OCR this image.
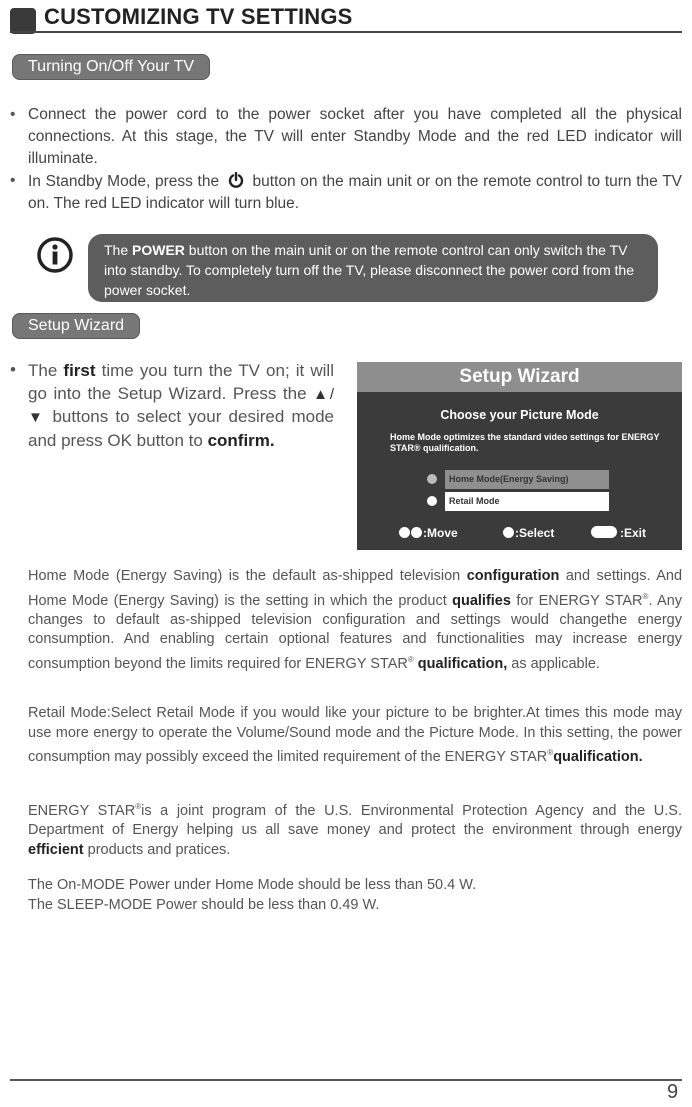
CUSTOMIZING TV SETTINGS
Turning On/Off Your TV
• Connect the power cord to the power socket after you have completed all the physical connections. At this stage, the TV will enter Standby Mode and the red LED indicator will illuminate.
• In Standby Mode, press the button on the main unit or on the remote control to turn the TV on. The red LED indicator will turn blue.
The POWER button on the main unit or on the remote control can only switch the TV into standby. To completely turn off the TV, please disconnect the power cord from the power socket.
Setup Wizard
• The first time you turn the TV on; it will go into the Setup Wizard. Press the ▲/▼ buttons to select your desired mode and press OK button to confirm.
Setup Wizard
Choose your Picture Mode
Home Mode optimizes the standard video settings for ENERGY STAR® qualification.
Home Mode(Energy Saving)
Retail Mode
:Move	:Select	:Exit
Home Mode (Energy Saving) is the default as-shipped television configuration and settings. And Home Mode (Energy Saving) is the setting in which the product qualifies for ENERGY STAR®. Any changes to default as-shipped television configuration and settings would changethe energy consumption. And enabling certain optional features and functionalities may increase energy consumption beyond the limits required for ENERGY STAR® qualification, as applicable.
Retail Mode:Select Retail Mode if you would like your picture to be brighter.At times this mode may use more energy to operate the Volume/Sound mode and the Picture Mode. In this setting, the power consumption may possibly exceed the limited requirement of the ENERGY STAR®qualification.
ENERGY STAR®is a joint program of the U.S. Environmental Protection Agency and the U.S. Department of Energy helping us all save money and protect the environment through energy efficient products and pratices.
The On-MODE Power under Home Mode should be less than 50.4 W.
The SLEEP-MODE Power should be less than 0.49 W.
9
